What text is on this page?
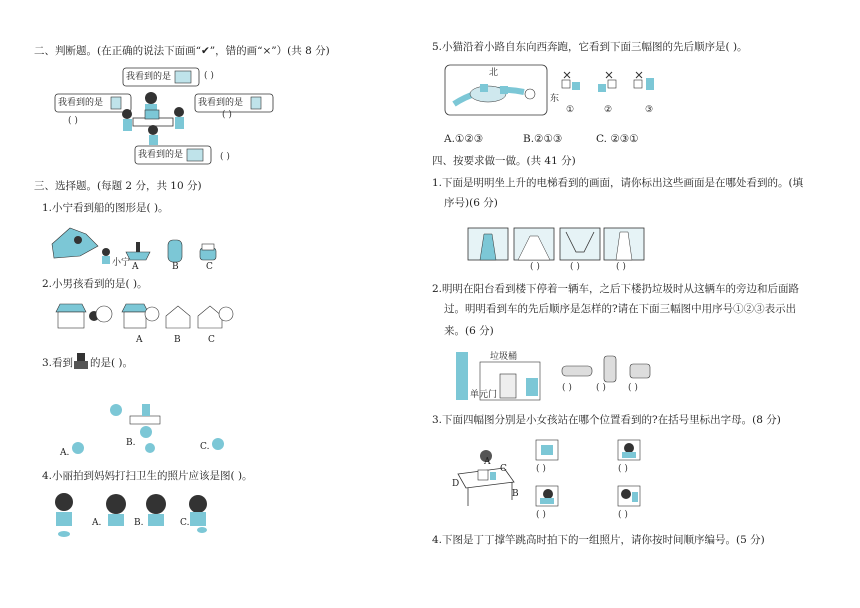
二、判断题。(在正确的说法下面画“✔”，错的画“×”）(共 8 分)
我看到的是
我看到的是	我看到的是
我看到的是
( )
( )
( )
( )
三、选择题。(每题 2 分，共 10 分)
1.小宁看到船的图形是( )。
小宁 A	B	C
2.小男孩看到的是( )。
A	B	C
3.看到 的是( )。
A.
B.	C.
4.小丽拍到妈妈打扫卫生的照片应该是图( )。
A.	B.	C.
5.小猫沿着小路自东向西奔跑，它看到下面三幅图的先后顺序是( )。
北
东
①	②	③
A.①②③	B.②①③	C. ②③①
四、按要求做一做。(共 41 分)
1.下面是明明坐上升的电梯看到的画面，请你标出这些画面是在哪处看到的。(填
序号)(6 分)
( )	( )	( )
2.明明在阳台看到楼下停着一辆车，之后下楼扔垃圾时从这辆车的旁边和后面路
过。明明看到车的先后顺序是怎样的?请在下面三幅图中用序号①②③表示出
来。(6 分)
垃圾桶
单元门
( )	( ) ( )
3.下面四幅图分别是小女孩站在哪个位置看到的?在括号里标出字母。(8 分)
A
B
C
D
( )	( )
( )	( )
4.下图是丁丁撑竿跳高时拍下的一组照片，请你按时间顺序编号。(5 分)
